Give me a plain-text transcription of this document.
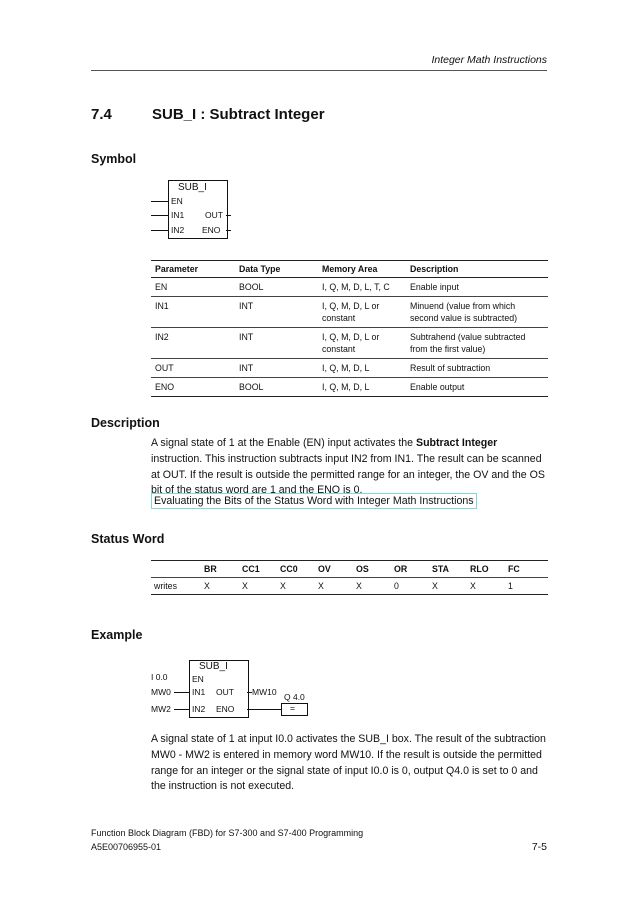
Integer Math Instructions
7.4	SUB_I : Subtract Integer
Symbol
SUB_I
EN
IN1
IN2
OUT
ENO
Parameter	Data Type	Memory Area	Description
EN	BOOL	I, Q, M, D, L, T, C	Enable input
IN1	INT	I, Q, M, D, L or constant	Minuend (value from which second value is subtracted)
IN2	INT	I, Q, M, D, L or constant	Subtrahend (value subtracted from the first value)
OUT	INT	I, Q, M, D, L	Result of subtraction
ENO	BOOL	I, Q, M, D, L	Enable output
Description
A signal state of 1 at the Enable (EN) input activates the Subtract Integer instruction. This instruction subtracts input IN2 from IN1. The result can be scanned at OUT. If the result is outside the permitted range for an integer, the OV and the OS bit of the status word are 1 and the ENO is 0.
Evaluating the Bits of the Status Word with Integer Math Instructions
Status Word
	BR	CC1	CC0	OV	OS	OR	STA	RLO	FC
writes	X	X	X	X	X	0	X	X	1
Example
I 0.0
MW0
MW2
SUB_I
EN
IN1
IN2
OUT
ENO
MW10 Q 4.0
=
A signal state of 1 at input I0.0 activates the SUB_I box. The result of the subtraction MW0 - MW2 is entered in memory word MW10. If the result is outside the permitted range for an integer or the signal state of input I0.0 is 0, output Q4.0 is set to 0 and the instruction is not executed.
Function Block Diagram (FBD) for S7-300 and S7-400 Programming
A5E00706955-01	7-5
